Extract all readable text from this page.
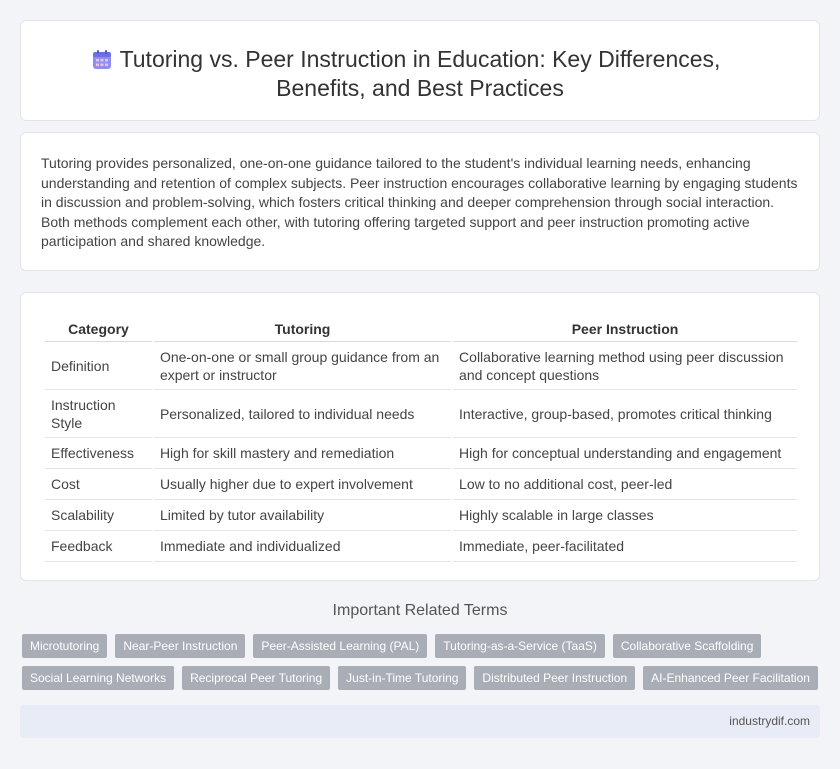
Tutoring vs. Peer Instruction in Education: Key Differences,
Benefits, and Best Practices

Tutoring provides personalized, one-on-one guidance tailored to the student's individual learning needs, enhancing understanding and retention of complex subjects. Peer instruction encourages collaborative learning by engaging students in discussion and problem-solving, which fosters critical thinking and deeper comprehension through social interaction. Both methods complement each other, with tutoring offering targeted support and peer instruction promoting active participation and shared knowledge.

Category	Tutoring	Peer Instruction
Definition	One-on-one or small group guidance from an expert or instructor	Collaborative learning method using peer discussion and concept questions
Instruction Style	Personalized, tailored to individual needs	Interactive, group-based, promotes critical thinking
Effectiveness	High for skill mastery and remediation	High for conceptual understanding and engagement
Cost	Usually higher due to expert involvement	Low to no additional cost, peer-led
Scalability	Limited by tutor availability	Highly scalable in large classes
Feedback	Immediate and individualized	Immediate, peer-facilitated
Important Related Terms
Microtutoring	Near-Peer Instruction	Peer-Assisted Learning (PAL)	Tutoring-as-a-Service (TaaS)	Collaborative Scaffolding
Social Learning Networks	Reciprocal Peer Tutoring	Just-in-Time Tutoring	Distributed Peer Instruction	AI-Enhanced Peer Facilitation
industrydif.com
